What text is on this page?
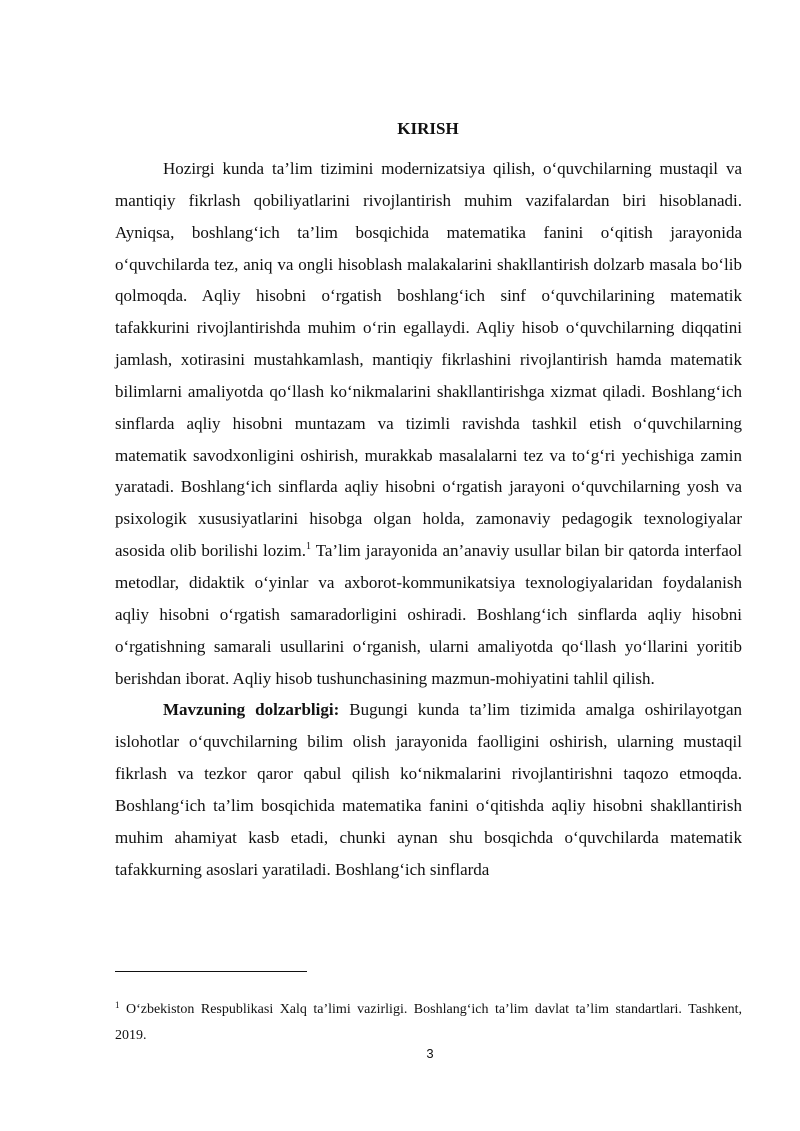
KIRISH

Hozirgi kunda ta’lim tizimini modernizatsiya qilish, o‘quvchilarning mustaqil va mantiqiy fikrlash qobiliyatlarini rivojlantirish muhim vazifalardan biri hisoblanadi. Ayniqsa, boshlang‘ich ta’lim bosqichida matematika fanini o‘qitish jarayonida o‘quvchilarda tez, aniq va ongli hisoblash malakalarini shakllantirish dolzarb masala bo‘lib qolmoqda. Aqliy hisobni o‘rgatish boshlang‘ich sinf o‘quvchilarining matematik tafakkurini rivojlantirishda muhim o‘rin egallaydi. Aqliy hisob o‘quvchilarning diqqatini jamlash, xotirasini mustahkamlash, mantiqiy fikrlashini rivojlantirish hamda matematik bilimlarni amaliyotda qo‘llash ko‘nikmalarini shakllantirishga xizmat qiladi. Boshlang‘ich sinflarda aqliy hisobni muntazam va tizimli ravishda tashkil etish o‘quvchilarning matematik savodxonligini oshirish, murakkab masalalarni tez va to‘g‘ri yechishiga zamin yaratadi. Boshlang‘ich sinflarda aqliy hisobni o‘rgatish jarayoni o‘quvchilarning yosh va psixologik xususiyatlarini hisobga olgan holda, zamonaviy pedagogik texnologiyalar asosida olib borilishi lozim.$^1$ Ta’lim jarayonida an’anaviy usullar bilan bir qatorda interfaol metodlar, didaktik o‘yinlar va axborot-kommunikatsiya texnologiyalaridan foydalanish aqliy hisobni o‘rgatish samaradorligini oshiradi. Boshlang‘ich sinflarda aqliy hisobni o‘rgatishning samarali usullarini o‘rganish, ularni amaliyotda qo‘llash yo‘llarini yoritib berishdan iborat. Aqliy hisob tushunchasining mazmun-mohiyatini tahlil qilish.

Mavzuning dolzarbligi: Bugungi kunda ta’lim tizimida amalga oshirilayotgan islohotlar o‘quvchilarning bilim olish jarayonida faolligini oshirish, ularning mustaqil fikrlash va tezkor qaror qabul qilish ko‘nikmalarini rivojlantirishni taqozo etmoqda. Boshlang‘ich ta’lim bosqichida matematika fanini o‘qitishda aqliy hisobni shakllantirish muhim ahamiyat kasb etadi, chunki aynan shu bosqichda o‘quvchilarda matematik tafakkurning asoslari yaratiladi. Boshlang‘ich sinflarda

$^1$ O‘zbekiston Respublikasi Xalq ta’limi vazirligi. Boshlang‘ich ta’lim davlat ta’lim standartlari. Tashkent, 2019.
3
